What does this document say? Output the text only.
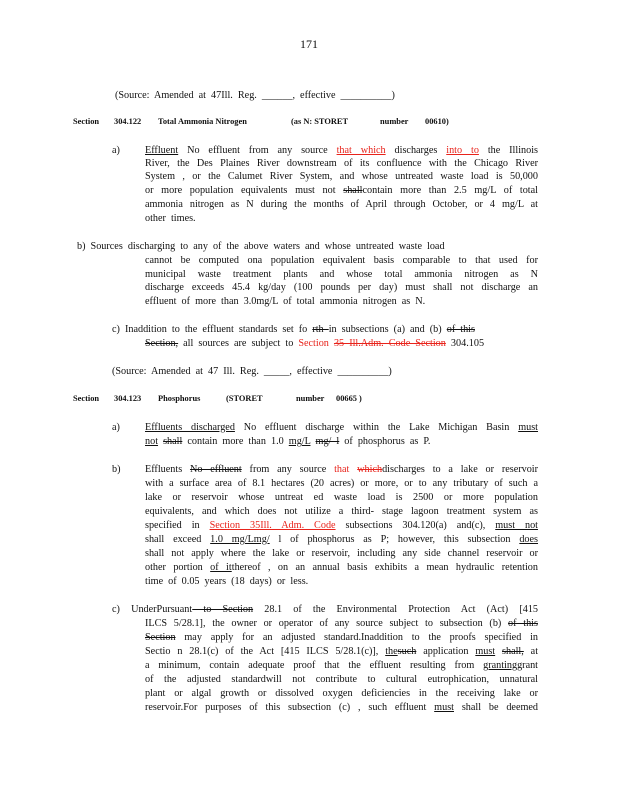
171
(Source: Amended at 47Ill. Reg. ______, effective __________)
Section 304.122 Total Ammonia Nitrogen	(as N: STORET	number 00610)
a) Effluent No effluent from any source that which discharges into to the Illinois
River, the Des Plaines River downstream of its confluence with the Chicago River
System , or the Calumet River System, and whose untreated waste load is 50,000
or more population equivalents must not shallcontain more than 2.5 mg/L of total
ammonia nitrogen as N during the months of April through October, or 4 mg/L at
other times.
b) Sources discharging to any of the above waters and whose untreated waste load
cannot be computed ona population equivalent basis comparable to that used for
municipal waste treatment plants and whose total ammonia nitrogen as N
discharge exceeds 45.4 kg/day (100 pounds per day) must shall not discharge an
effluent of more than 3.0mg/L of total ammonia nitrogen as N.
c) Inaddition to the effluent standards set fo rth in subsections (a) and (b) of this
Section, all sources are subject to Section 35 Ill.Adm. Code Section 304.105
(Source: Amended at 47 Ill. Reg. _____, effective __________)
Section 304.123 Phosphorus	(STORET	number 00665 )
a) Effluents discharged No effluent discharge within the Lake Michigan Basin must
not shall contain more than 1.0 mg/L mg/ l of phosphorus as P.
b) Effluents No effluent from any source that whichdischarges to a lake or reservoir
with a surface area of 8.1 hectares (20 acres) or more, or to any tributary of such a
lake or reservoir whose untreat ed waste load is 2500 or more population
equivalents, and which does not utilize a third- stage lagoon treatment system as
specified in Section 35Ill. Adm. Code subsections 304.120(a) and(c), must not
shall exceed 1.0 mg/Lmg/ l of phosphorus as P; however, this subsection does
shall not apply where the lake or reservoir, including any side channel reservoir or
other portion of itthereof , on an annual basis exhibits a mean hydraulic retention
time of 0.05 years (18 days) or less.
c) UnderPursuant to Section 28.1 of the Environmental Protection Act (Act) [415
ILCS 5/28.1], the owner or operator of any source subject to subsection (b) of this
Section may apply for an adjusted standard.Inaddition to the proofs specified in
Sectio n 28.1(c) of the Act [415 ILCS 5/28.1(c)], thesuch application must shall, at
a minimum, contain adequate proof that the effluent resulting from grantinggrant
of the adjusted standardwill not contribute to cultural eutrophication, unnatural
plant or algal growth or dissolved oxygen deficiencies in the receiving lake or
reservoir.For purposes of this subsection (c) , such effluent must shall be deemed
